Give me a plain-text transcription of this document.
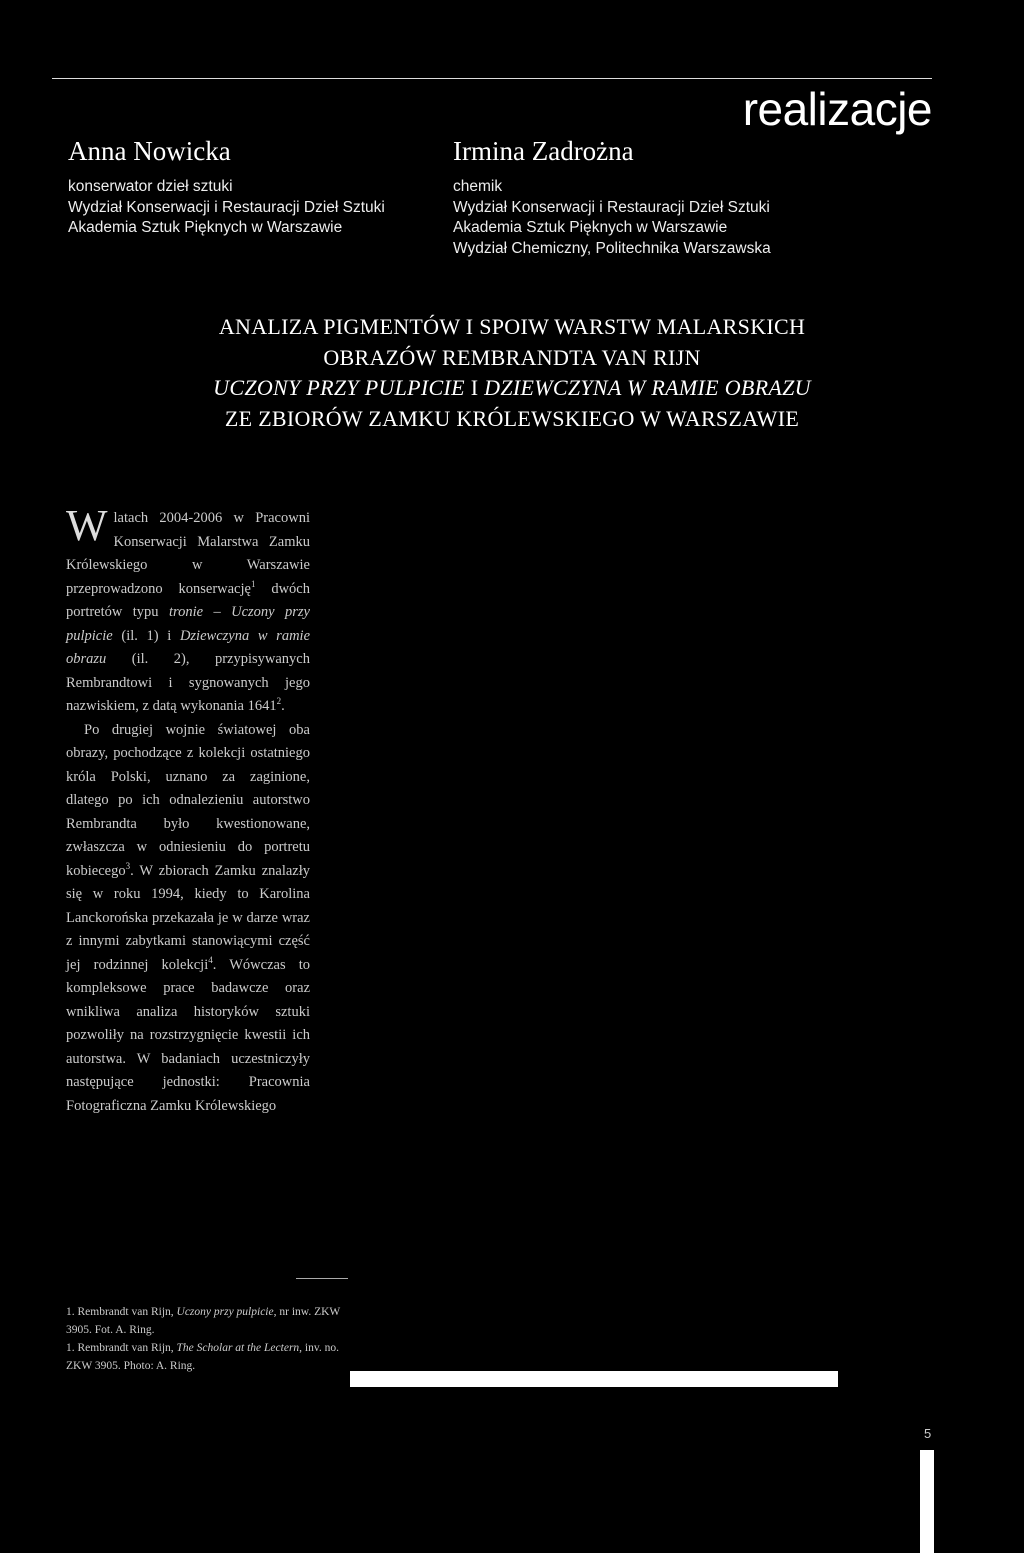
realizacje
Anna Nowicka
konserwator dzieł sztuki
Wydział Konserwacji i Restauracji Dzieł Sztuki
Akademia Sztuk Pięknych w Warszawie
Irmina Zadrożna
chemik
Wydział Konserwacji i Restauracji Dzieł Sztuki
Akademia Sztuk Pięknych w Warszawie
Wydział Chemiczny, Politechnika Warszawska
ANALIZA PIGMENTÓW I SPOIW WARSTW MALARSKICH
OBRAZÓW REMBRANDTA VAN RIJN
UCZONY PRZY PULPICIE I DZIEWCZYNA W RAMIE OBRAZU
ZE ZBIORÓW ZAMKU KRÓLEWSKIEGO W WARSZAWIE

W latach 2004-2006 w Pracowni Konserwacji Malarstwa Zamku Królewskiego w Warszawie przeprowadzono konserwację$^1$ dwóch portretów typu tronie – Uczony przy pulpicie (il. 1) i Dziewczyna w ramie obrazu (il. 2), przypisywanych Rembrandtowi i sygnowanych jego nazwiskiem, z datą wykonania 1641$^2$.

Po drugiej wojnie światowej oba obrazy, pochodzące z kolekcji ostatniego króla Polski, uznano za zaginione, dlatego po ich odnalezieniu autorstwo Rembrandta było kwestionowane, zwłaszcza w odniesieniu do portretu kobiecego$^3$. W zbiorach Zamku znalazły się w roku 1994, kiedy to Karolina Lanckorońska przekazała je w darze wraz z innymi zabytkami stanowiącymi część jej rodzinnej kolekcji$^4$. Wówczas to kompleksowe prace badawcze oraz wnikliwa analiza historyków sztuki pozwoliły na rozstrzygnięcie kwestii ich autorstwa. W badaniach uczestniczyły następujące jednostki: Pracownia Fotograficzna Zamku Królewskiego

1. Rembrandt van Rijn, Uczony przy pulpicie, nr inw. ZKW 3905. Fot. A. Ring.

1. Rembrandt van Rijn, The Scholar at the Lectern, inv. no. ZKW 3905. Photo: A. Ring.

5
